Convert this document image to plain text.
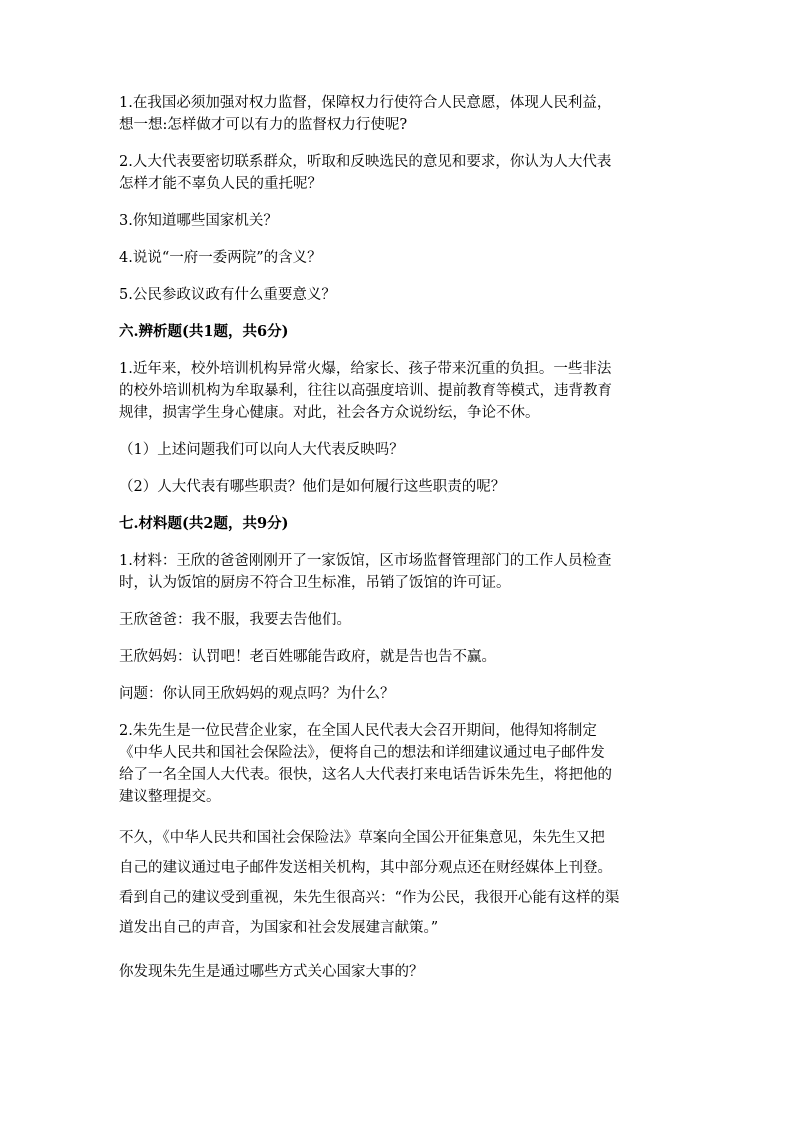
1.在我国必须加强对权力监督，保障权力行使符合人民意愿，体现人民利益，
想一想:怎样做才可以有力的监督权力行使呢?
2.人大代表要密切联系群众，听取和反映选民的意见和要求，你认为人大代表
怎样才能不辜负人民的重托呢？
3.你知道哪些国家机关？
4.说说“一府一委两院”的含义？
5.公民参政议政有什么重要意义？
六.辨析题(共1题，共6分)
1.近年来，校外培训机构异常火爆，给家长、孩子带来沉重的负担。一些非法
的校外培训机构为牟取暴利，往往以高强度培训、提前教育等模式，违背教育
规律，损害学生身心健康。对此，社会各方众说纷纭，争论不休。
（1）上述问题我们可以向人大代表反映吗？
（2）人大代表有哪些职责？他们是如何履行这些职责的呢？
七.材料题(共2题，共9分)
1.材料：王欣的爸爸刚刚开了一家饭馆，区市场监督管理部门的工作人员检查
时，认为饭馆的厨房不符合卫生标准，吊销了饭馆的许可证。
王欣爸爸：我不服，我要去告他们。
王欣妈妈：认罚吧！老百姓哪能告政府，就是告也告不赢。
问题：你认同王欣妈妈的观点吗？为什么？
2.朱先生是一位民营企业家，在全国人民代表大会召开期间，他得知将制定
《中华人民共和国社会保险法》，便将自己的想法和详细建议通过电子邮件发
给了一名全国人大代表。很快，这名人大代表打来电话告诉朱先生，将把他的
建议整理提交。
不久，《中华人民共和国社会保险法》草案向全国公开征集意见，朱先生又把
自己的建议通过电子邮件发送相关机构，其中部分观点还在财经媒体上刊登。
看到自己的建议受到重视，朱先生很高兴：“作为公民，我很开心能有这样的渠
道发出自己的声音，为国家和社会发展建言献策。”
你发现朱先生是通过哪些方式关心国家大事的？
